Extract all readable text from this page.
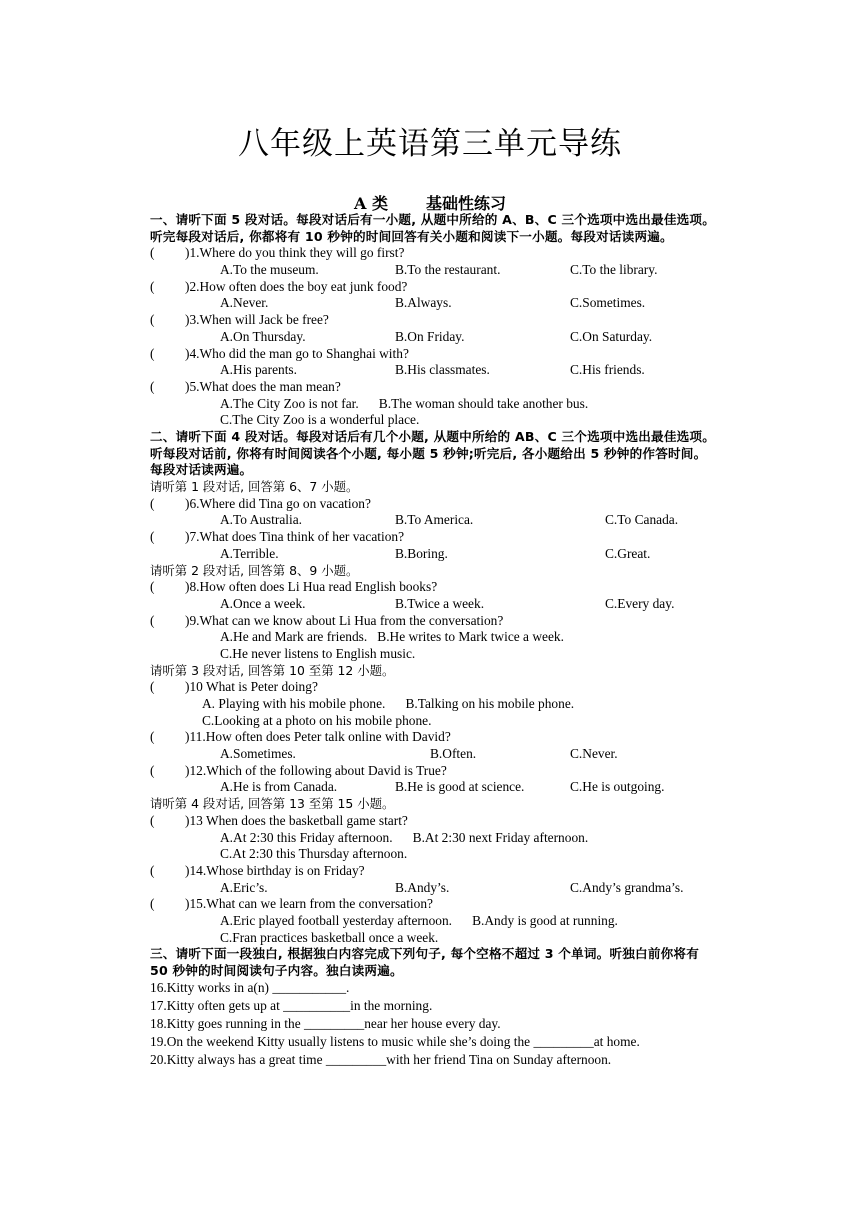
八年级上英语第三单元导练
A 类 基础性练习
一、请听下面 5 段对话。每段对话后有一小题, 从题中所给的 A、B、C 三个选项中选出最佳选项。听完每段对话后, 你都将有 10 秒钟的时间回答有关小题和阅读下一小题。每段对话读两遍。
( )1.Where do you think they will go first?
A.To the museum.	B.To the restaurant.	C.To the library.
( )2.How often does the boy eat junk food?
A.Never.	B.Always.	C.Sometimes.
( )3.When will Jack be free?
A.On Thursday.	B.On Friday.	C.On Saturday.
( )4.Who did the man go to Shanghai with?
A.His parents.	B.His classmates.	C.His friends.
( )5.What does the man mean?
A.The City Zoo is not far.      B.The woman should take another bus.
C.The City Zoo is a wonderful place.
二、请听下面 4 段对话。每段对话后有几个小题, 从题中所给的 AB、C 三个选项中选出最佳选项。听每段对话前, 你将有时间阅读各个小题, 每小题 5 秒钟;听完后, 各小题给出 5 秒钟的作答时间。每段对话读两遍。
请听第 1 段对话, 回答第 6、7 小题。
( )6.Where did Tina go on vacation?
A.To Australia.	B.To America.	C.To Canada.
( )7.What does Tina think of her vacation?
A.Terrible.	B.Boring.	C.Great.
请听第 2 段对话, 回答第 8、9 小题。
( )8.How often does Li Hua read English books?
A.Once a week.	B.Twice a week.	C.Every day.
( )9.What can we know about Li Hua from the conversation?
A.He and Mark are friends.   B.He writes to Mark twice a week.
C.He never listens to English music.
请听第 3 段对话, 回答第 10 至第 12 小题。
( )10 What is Peter doing?
A. Playing with his mobile phone.      B.Talking on his mobile phone.
C.Looking at a photo on his mobile phone.
( )11.How often does Peter talk online with David?
A.Sometimes.	B.Often.	C.Never.
( )12.Which of the following about David is True?
A.He is from Canada.	B.He is good at science.	C.He is outgoing.
请听第 4 段对话, 回答第 13 至第 15 小题。
( )13 When does the basketball game start?
A.At 2:30 this Friday afternoon.      B.At 2:30 next Friday afternoon.
C.At 2:30 this Thursday afternoon.
( )14.Whose birthday is on Friday?
A.Eric’s.	B.Andy’s.	C.Andy’s grandma’s.
( )15.What can we learn from the conversation?
A.Eric played football yesterday afternoon.      B.Andy is good at running.
C.Fran practices basketball once a week.
三、请听下面一段独白, 根据独白内容完成下列句子, 每个空格不超过 3 个单词。听独白前你将有 50 秒钟的时间阅读句子内容。独白读两遍。
16.Kitty works in a(n) ___________.
17.Kitty often gets up at __________in the morning.
18.Kitty goes running in the _________near her house every day.
19.On the weekend Kitty usually listens to music while she’s doing the _________at home.
20.Kitty always has a great time _________with her friend Tina on Sunday afternoon.
